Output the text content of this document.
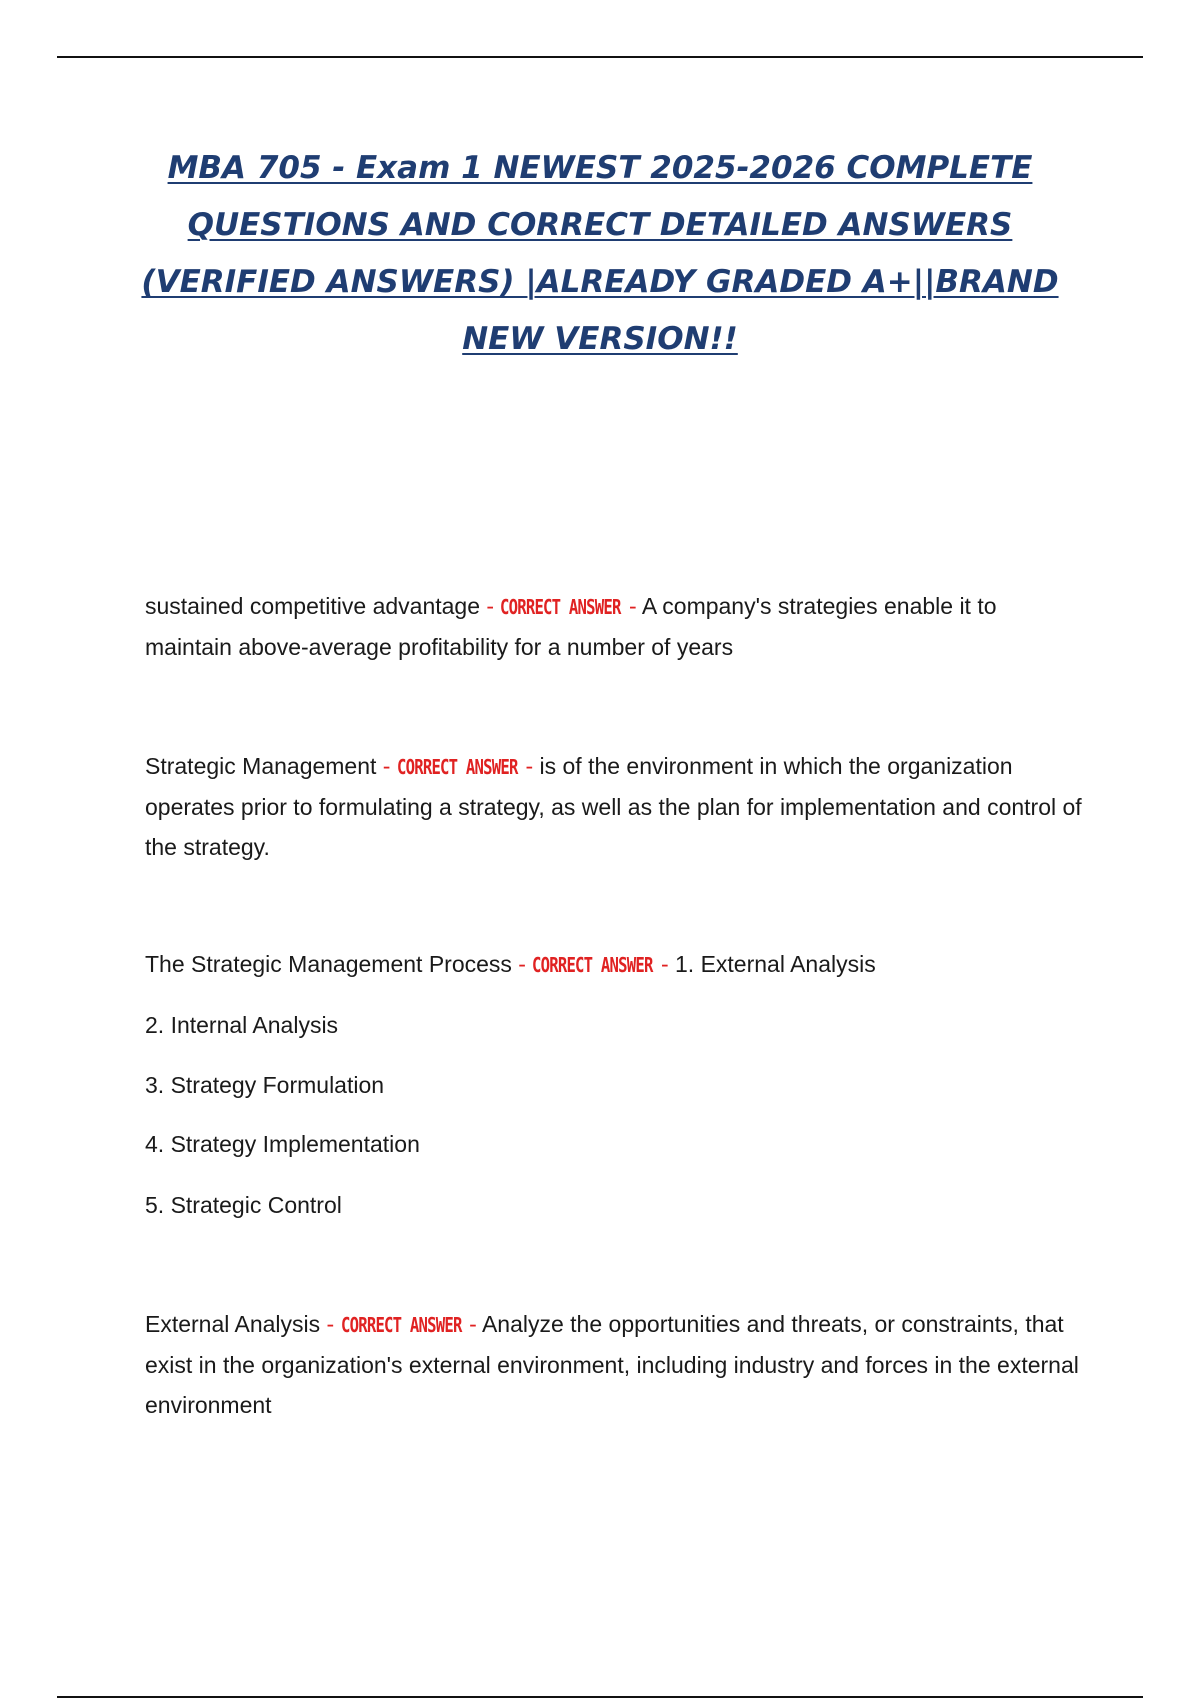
MBA 705 - Exam 1 NEWEST 2025-2026 COMPLETE QUESTIONS AND CORRECT DETAILED ANSWERS (VERIFIED ANSWERS) |ALREADY GRADED A+||BRAND NEW VERSION!!

sustained competitive advantage - CORRECT ANSWER - A company's strategies enable it to maintain above-average profitability for a number of years

Strategic Management - CORRECT ANSWER - is of the environment in which the organization operates prior to formulating a strategy, as well as the plan for implementation and control of the strategy.

The Strategic Management Process - CORRECT ANSWER - 1. External Analysis

2. Internal Analysis

3. Strategy Formulation

4. Strategy Implementation

5. Strategic Control

External Analysis - CORRECT ANSWER - Analyze the opportunities and threats, or constraints, that exist in the organization's external environment, including industry and forces in the external environment
